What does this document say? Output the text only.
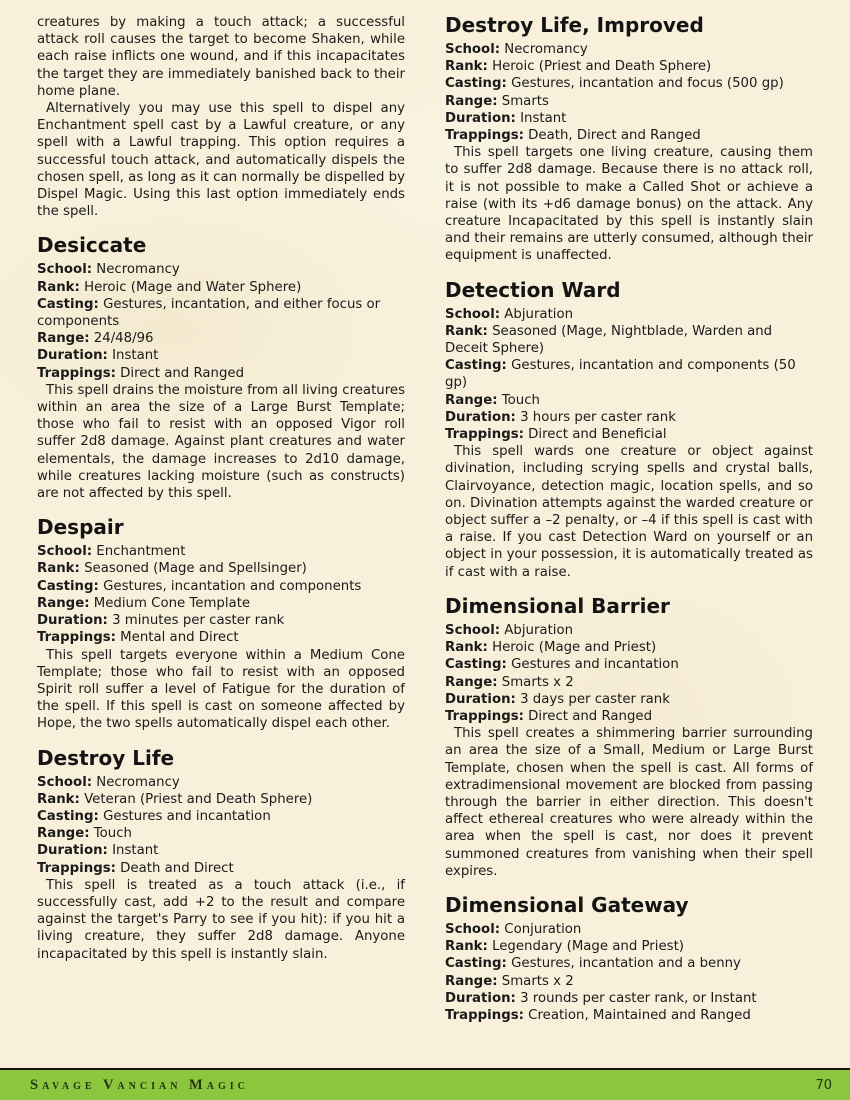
creatures by making a touch attack; a successful attack roll causes the target to become Shaken, while each raise inflicts one wound, and if this incapacitates the target they are immediately banished back to their home plane.

Alternatively you may use this spell to dispel any Enchantment spell cast by a Lawful creature, or any spell with a Lawful trapping. This option requires a successful touch attack, and automatically dispels the chosen spell, as long as it can normally be dispelled by Dispel Magic. Using this last option immediately ends the spell.

Desiccate
School: Necromancy
Rank: Heroic (Mage and Water Sphere)
Casting: Gestures, incantation, and either focus or components
Range: 24/48/96
Duration: Instant
Trappings: Direct and Ranged

This spell drains the moisture from all living creatures within an area the size of a Large Burst Template; those who fail to resist with an opposed Vigor roll suffer 2d8 damage. Against plant creatures and water elementals, the damage increases to 2d10 damage, while creatures lacking moisture (such as constructs) are not affected by this spell.

Despair
School: Enchantment
Rank: Seasoned (Mage and Spellsinger)
Casting: Gestures, incantation and components
Range: Medium Cone Template
Duration: 3 minutes per caster rank
Trappings: Mental and Direct

This spell targets everyone within a Medium Cone Template; those who fail to resist with an opposed Spirit roll suffer a level of Fatigue for the duration of the spell. If this spell is cast on someone affected by Hope, the two spells automatically dispel each other.

Destroy Life
School: Necromancy
Rank: Veteran (Priest and Death Sphere)
Casting: Gestures and incantation
Range: Touch
Duration: Instant
Trappings: Death and Direct

This spell is treated as a touch attack (i.e., if successfully cast, add +2 to the result and compare against the target's Parry to see if you hit): if you hit a living creature, they suffer 2d8 damage. Anyone incapacitated by this spell is instantly slain.

Destroy Life, Improved
School: Necromancy
Rank: Heroic (Priest and Death Sphere)
Casting: Gestures, incantation and focus (500 gp)
Range: Smarts
Duration: Instant
Trappings: Death, Direct and Ranged

This spell targets one living creature, causing them to suffer 2d8 damage. Because there is no attack roll, it is not possible to make a Called Shot or achieve a raise (with its +d6 damage bonus) on the attack. Any creature Incapacitated by this spell is instantly slain and their remains are utterly consumed, although their equipment is unaffected.

Detection Ward
School: Abjuration
Rank: Seasoned (Mage, Nightblade, Warden and Deceit Sphere)
Casting: Gestures, incantation and components (50 gp)
Range: Touch
Duration: 3 hours per caster rank
Trappings: Direct and Beneficial

This spell wards one creature or object against divination, including scrying spells and crystal balls, Clairvoyance, detection magic, location spells, and so on. Divination attempts against the warded creature or object suffer a –2 penalty, or –4 if this spell is cast with a raise. If you cast Detection Ward on yourself or an object in your possession, it is automatically treated as if cast with a raise.

Dimensional Barrier
School: Abjuration
Rank: Heroic (Mage and Priest)
Casting: Gestures and incantation
Range: Smarts x 2
Duration: 3 days per caster rank
Trappings: Direct and Ranged

This spell creates a shimmering barrier surrounding an area the size of a Small, Medium or Large Burst Template, chosen when the spell is cast. All forms of extradimensional movement are blocked from passing through the barrier in either direction. This doesn't affect ethereal creatures who were already within the area when the spell is cast, nor does it prevent summoned creatures from vanishing when their spell expires.

Dimensional Gateway
School: Conjuration
Rank: Legendary (Mage and Priest)
Casting: Gestures, incantation and a benny
Range: Smarts x 2
Duration: 3 rounds per caster rank, or Instant
Trappings: Creation, Maintained and Ranged
Savage Vancian Magic	70
